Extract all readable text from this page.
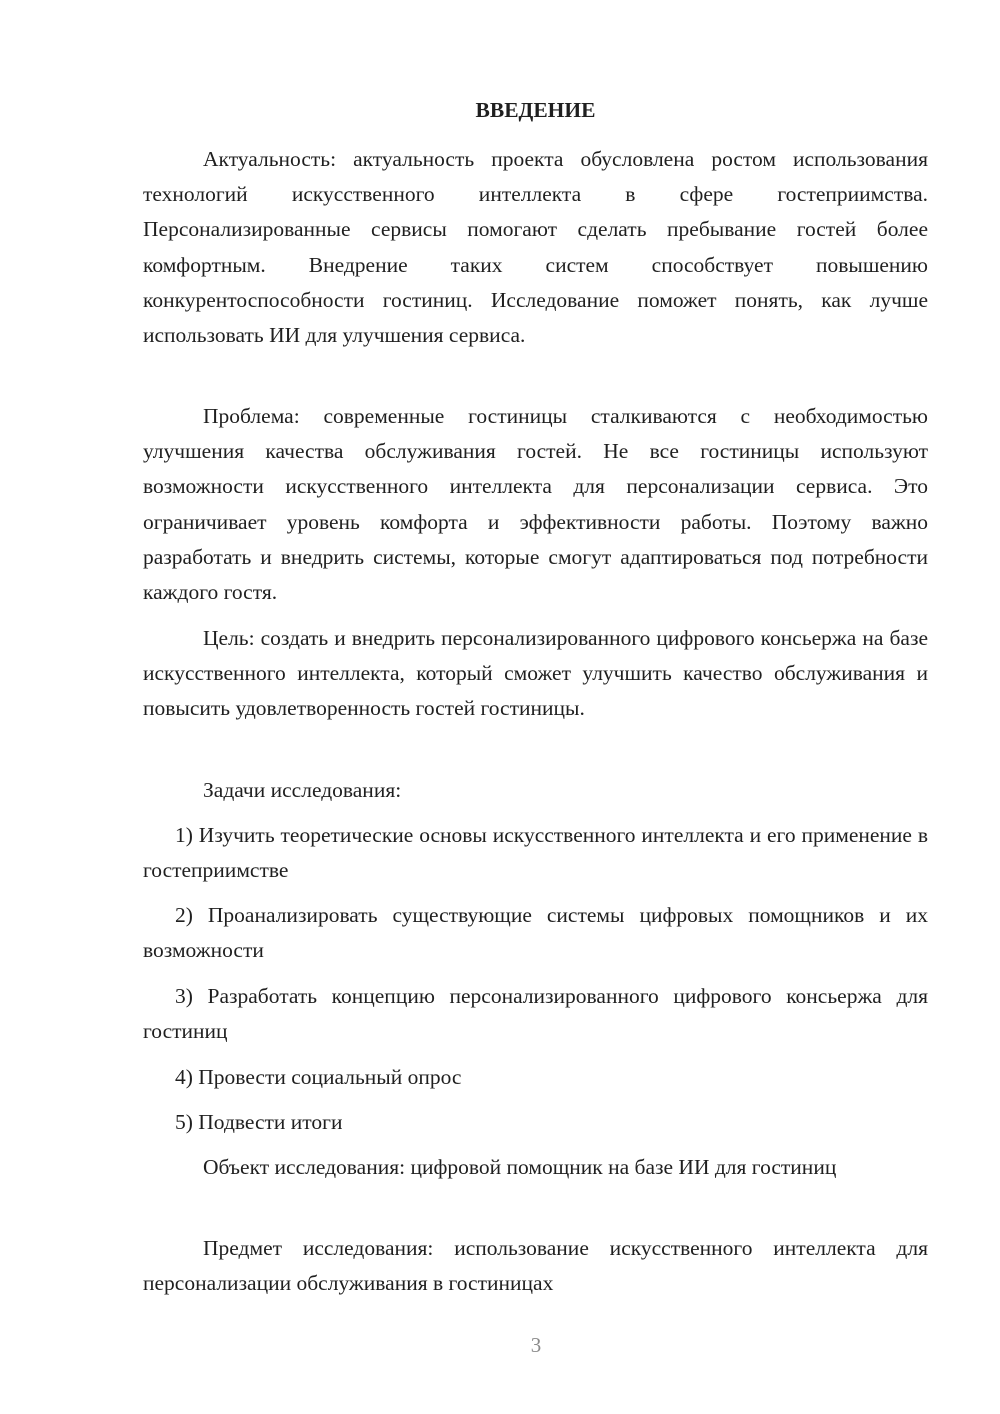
ВВЕДЕНИЕ

Актуальность: актуальность проекта обусловлена ростом использования технологий искусственного интеллекта в сфере гостеприимства. Персонализированные сервисы помогают сделать пребывание гостей более комфортным. Внедрение таких систем способствует повышению конкурентоспособности гостиниц. Исследование поможет понять, как лучше использовать ИИ для улучшения сервиса.

Проблема: современные гостиницы сталкиваются с необходимостью улучшения качества обслуживания гостей. Не все гостиницы используют возможности искусственного интеллекта для персонализации сервиса. Это ограничивает уровень комфорта и эффективности работы. Поэтому важно разработать и внедрить системы, которые смогут адаптироваться под потребности каждого гостя.

Цель: создать и внедрить персонализированного цифрового консьержа на базе искусственного интеллекта, который сможет улучшить качество обслуживания и повысить удовлетворенность гостей гостиницы.

Задачи исследования:

1) Изучить теоретические основы искусственного интеллекта и его применение в гостеприимстве

2) Проанализировать существующие системы цифровых помощников и их возможности

3) Разработать концепцию персонализированного цифрового консьержа для гостиниц

4) Провести социальный опрос

5) Подвести итоги

Объект исследования: цифровой помощник на базе ИИ для гостиниц

Предмет исследования: использование искусственного интеллекта для персонализации обслуживания в гостиницах

3
